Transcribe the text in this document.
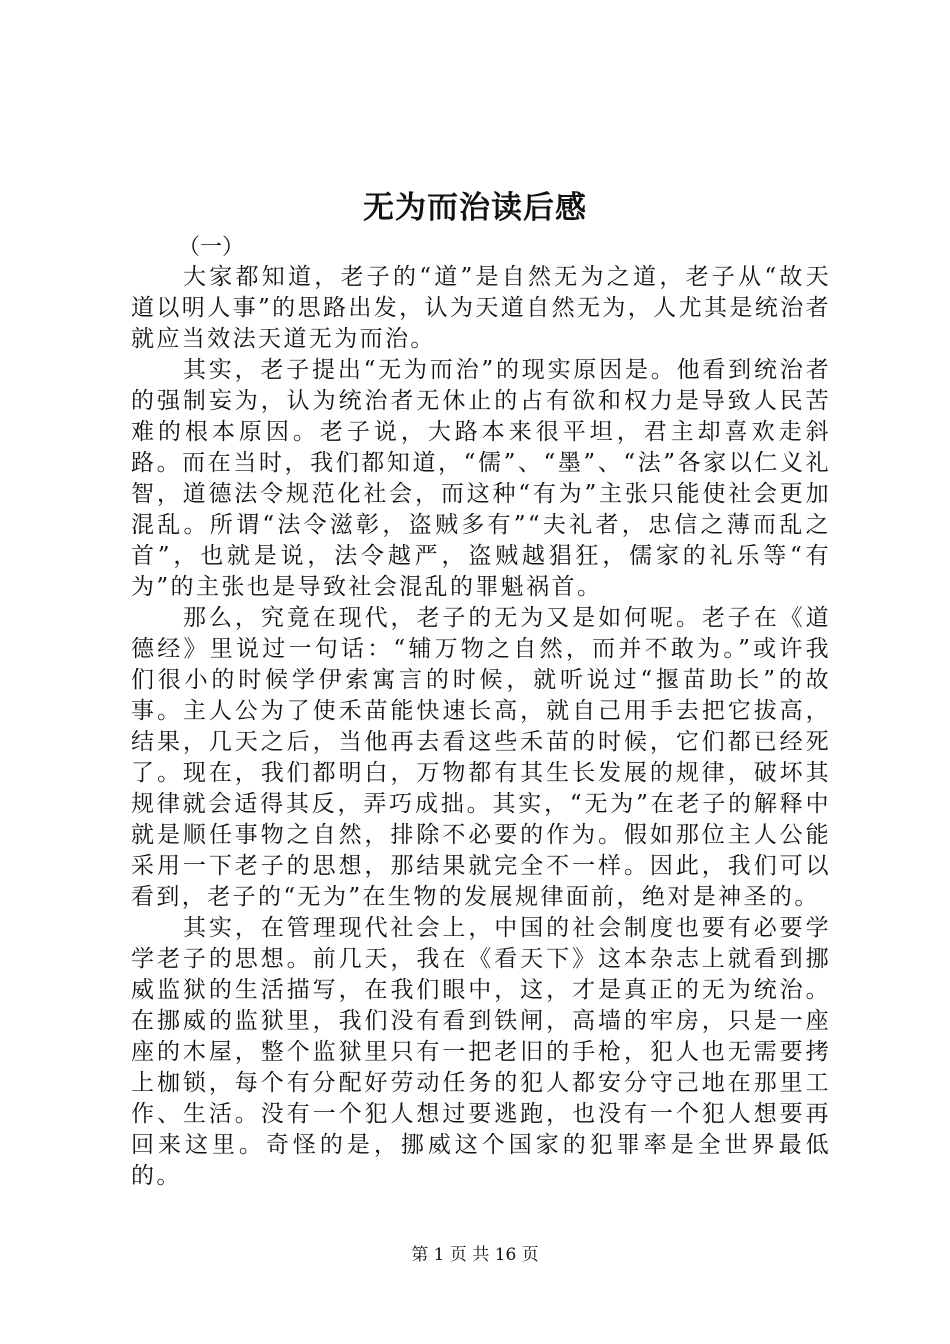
无为而治读后感

（一）

大家都知道，老子的“道”是自然无为之道，老子从“故天道以明人事”的思路出发，认为天道自然无为，人尤其是统治者就应当效法天道无为而治。

其实，老子提出“无为而治”的现实原因是。他看到统治者的强制妄为，认为统治者无休止的占有欲和权力是导致人民苦难的根本原因。老子说，大路本来很平坦，君主却喜欢走斜路。而在当时，我们都知道，“儒”、“墨”、“法”各家以仁义礼智，道德法令规范化社会，而这种“有为”主张只能使社会更加混乱。所谓“法令滋彰，盗贼多有”“夫礼者，忠信之薄而乱之首”，也就是说，法令越严，盗贼越猖狂，儒家的礼乐等“有为”的主张也是导致社会混乱的罪魁祸首。

那么，究竟在现代，老子的无为又是如何呢。老子在《道德经》里说过一句话：“辅万物之自然，而并不敢为。”或许我们很小的时候学伊索寓言的时候，就听说过“揠苗助长”的故事。主人公为了使禾苗能快速长高，就自己用手去把它拔高，结果，几天之后，当他再去看这些禾苗的时候，它们都已经死了。现在，我们都明白，万物都有其生长发展的规律，破坏其规律就会适得其反，弄巧成拙。其实，“无为”在老子的解释中就是顺任事物之自然，排除不必要的作为。假如那位主人公能采用一下老子的思想，那结果就完全不一样。因此，我们可以看到，老子的“无为”在生物的发展规律面前，绝对是神圣的。

其实，在管理现代社会上，中国的社会制度也要有必要学学老子的思想。前几天，我在《看天下》这本杂志上就看到挪威监狱的生活描写，在我们眼中，这，才是真正的无为统治。在挪威的监狱里，我们没有看到铁闸，高墙的牢房，只是一座座的木屋，整个监狱里只有一把老旧的手枪，犯人也无需要拷上枷锁，每个有分配好劳动任务的犯人都安分守己地在那里工作、生活。没有一个犯人想过要逃跑，也没有一个犯人想要再回来这里。奇怪的是，挪威这个国家的犯罪率是全世界最低的。

第 1 页 共 16 页
